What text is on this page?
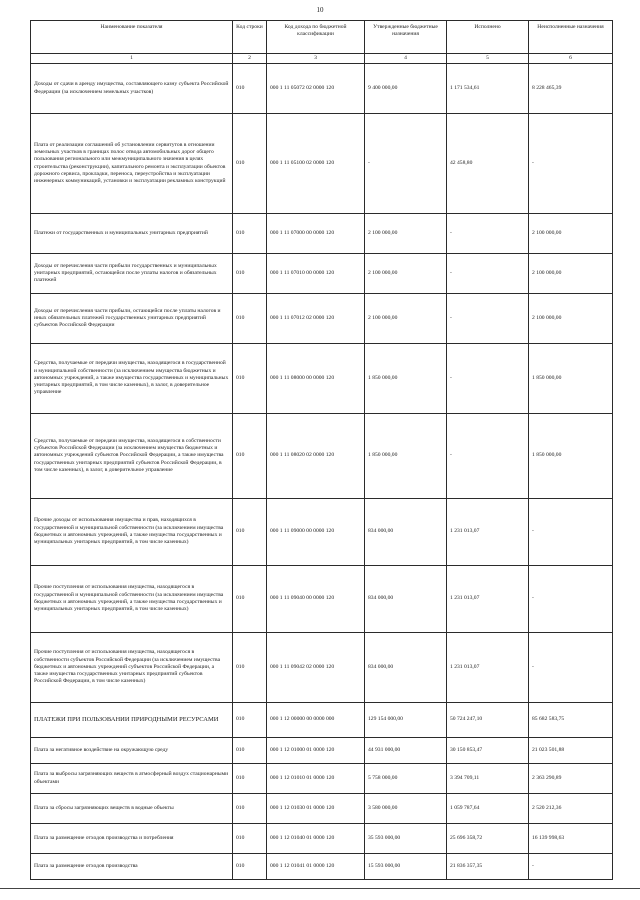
10
Наименование показателя	Код строки	Код дохода по бюджетной классификации	Утвержденные бюджетные назначения	Исполнено	Неисполненные назначения
1	2	3	4	5	6
Доходы от сдачи в аренду имущества, составляющего казну субъекта Российской Федерации (за исключением земельных участков)	010	000 1 11 05072 02 0000 120	9 400 000,00	1 171 534,61	8 228 465,39
Плата от реализации соглашений об установлении сервитутов в отношении земельных участков в границах полос отвода автомобильных дорог общего пользования регионального или межмуниципального значения в целях строительства (реконструкции), капитального ремонта и эксплуатации объектов дорожного сервиса, прокладки, переноса, переустройства и эксплуатации инженерных коммуникаций, установки и эксплуатации рекламных конструкций	010	000 1 11 05100 02 0000 120	-	42 458,80	-
Платежи от государственных и муниципальных унитарных предприятий	010	000 1 11 07000 00 0000 120	2 100 000,00	-	2 100 000,00
Доходы от перечисления части прибыли государственных и муниципальных унитарных предприятий, остающейся после уплаты налогов и обязательных платежей	010	000 1 11 07010 00 0000 120	2 100 000,00	-	2 100 000,00
Доходы от перечисления части прибыли, остающейся после уплаты налогов и иных обязательных платежей государственных унитарных предприятий субъектов Российской Федерации	010	000 1 11 07012 02 0000 120	2 100 000,00	-	2 100 000,00
Средства, получаемые от передачи имущества, находящегося в государственной и муниципальной собственности (за исключением имущества бюджетных и автономных учреждений, а также имущества государственных и муниципальных унитарных предприятий, в том числе казенных), в залог, в доверительное управление	010	000 1 11 08000 00 0000 120	1 850 000,00	-	1 850 000,00
Средства, получаемые от передачи имущества, находящегося в собственности субъектов Российской Федерации (за исключением имущества бюджетных и автономных учреждений субъектов Российской Федерации, а также имущества государственных унитарных предприятий субъектов Российской Федерации, в том числе казенных), в залог, в доверительное управление	010	000 1 11 08020 02 0000 120	1 850 000,00	-	1 850 000,00
Прочие доходы от использования имущества и прав, находящихся в государственной и муниципальной собственности (за исключением имущества бюджетных и автономных учреждений, а также имущества государственных и муниципальных унитарных предприятий, в том числе казенных)	010	000 1 11 09000 00 0000 120	834 000,00	1 231 013,07	-
Прочие поступления от использования имущества, находящегося в государственной и муниципальной собственности (за исключением имущества бюджетных и автономных учреждений, а также имущества государственных и муниципальных унитарных предприятий, в том числе казенных)	010	000 1 11 09040 00 0000 120	834 000,00	1 231 013,07	-
Прочие поступления от использования имущества, находящегося в собственности субъектов Российской Федерации (за исключением имущества бюджетных и автономных учреждений субъектов Российской Федерации, а также имущества государственных унитарных предприятий субъектов Российской Федерации, в том числе казенных)	010	000 1 11 09042 02 0000 120	834 000,00	1 231 013,07	-
ПЛАТЕЖИ ПРИ ПОЛЬЗОВАНИИ ПРИРОДНЫМИ РЕСУРСАМИ	010	000 1 12 00000 00 0000 000	129 154 000,00	50 724 247,10	85 682 583,75
Плата за негативное воздействие на окружающую среду	010	000 1 12 01000 01 0000 120	44 931 000,00	30 150 853,47	21 023 501,88
Плата за выбросы загрязняющих веществ в атмосферный воздух стационарными объектами	010	000 1 12 01010 01 0000 120	5 758 000,00	3 394 709,11	2 363 290,89
Плата за сбросы загрязняющих веществ в водные объекты	010	000 1 12 01030 01 0000 120	3 580 000,00	1 059 787,64	2 520 212,36
Плата за размещение отходов производства и потребления	010	000 1 12 01040 01 0000 120	35 593 000,00	25 696 358,72	16 139 998,63
Плата за размещение отходов производства	010	000 1 12 01041 01 0000 120	15 593 000,00	21 836 357,35	-
